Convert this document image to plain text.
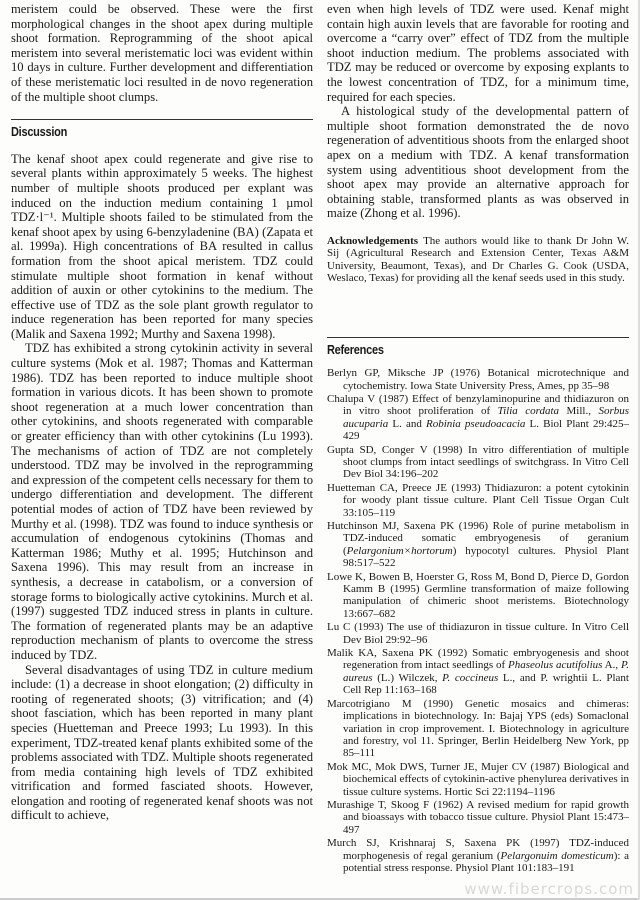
meristem could be observed. These were the first morphological changes in the shoot apex during multiple shoot formation. Reprogramming of the shoot apical meristem into several meristematic loci was evident within 10 days in culture. Further development and differentiation of these meristematic loci resulted in de novo regeneration of the multiple shoot clumps.

Discussion

The kenaf shoot apex could regenerate and give rise to several plants within approximately 5 weeks. The highest number of multiple shoots produced per explant was induced on the induction medium containing 1 µmol TDZ·l⁻¹. Multiple shoots failed to be stimulated from the kenaf shoot apex by using 6-benzyladenine (BA) (Zapata et al. 1999a). High concentrations of BA resulted in callus formation from the shoot apical meristem. TDZ could stimulate multiple shoot formation in kenaf without addition of auxin or other cytokinins to the medium. The effective use of TDZ as the sole plant growth regulator to induce regeneration has been reported for many species (Malik and Saxena 1992; Murthy and Saxena 1998).

TDZ has exhibited a strong cytokinin activity in several culture systems (Mok et al. 1987; Thomas and Katterman 1986). TDZ has been reported to induce multiple shoot formation in various dicots. It has been shown to promote shoot regeneration at a much lower concentration than other cytokinins, and shoots regenerated with comparable or greater efficiency than with other cytokinins (Lu 1993). The mechanisms of action of TDZ are not completely understood. TDZ may be involved in the reprogramming and expression of the competent cells necessary for them to undergo differentiation and development. The different potential modes of action of TDZ have been reviewed by Murthy et al. (1998). TDZ was found to induce synthesis or accumulation of endogenous cytokinins (Thomas and Katterman 1986; Muthy et al. 1995; Hutchinson and Saxena 1996). This may result from an increase in synthesis, a decrease in catabolism, or a conversion of storage forms to biologically active cytokinins. Murch et al. (1997) suggested TDZ induced stress in plants in culture. The formation of regenerated plants may be an adaptive reproduction mechanism of plants to overcome the stress induced by TDZ.

Several disadvantages of using TDZ in culture medium include: (1) a decrease in shoot elongation; (2) difficulty in rooting of regenerated shoots; (3) vitrification; and (4) shoot fasciation, which has been reported in many plant species (Huetteman and Preece 1993; Lu 1993). In this experiment, TDZ-treated kenaf plants exhibited some of the problems associated with TDZ. Multiple shoots regenerated from media containing high levels of TDZ exhibited vitrification and formed fasciated shoots. However, elongation and rooting of regenerated kenaf shoots was not difficult to achieve,

even when high levels of TDZ were used. Kenaf might contain high auxin levels that are favorable for rooting and overcome a “carry over” effect of TDZ from the multiple shoot induction medium. The problems associated with TDZ may be reduced or overcome by exposing explants to the lowest concentration of TDZ, for a minimum time, required for each species.

A histological study of the developmental pattern of multiple shoot formation demonstrated the de novo regeneration of adventitious shoots from the enlarged shoot apex on a medium with TDZ. A kenaf transformation system using adventitious shoot development from the shoot apex may provide an alternative approach for obtaining stable, transformed plants as was observed in maize (Zhong et al. 1996).

Acknowledgements The authors would like to thank Dr John W. Sij (Agricultural Research and Extension Center, Texas A&M University, Beaumont, Texas), and Dr Charles G. Cook (USDA, Weslaco, Texas) for providing all the kenaf seeds used in this study.

References

Berlyn GP, Miksche JP (1976) Botanical microtechnique and cytochemistry. Iowa State University Press, Ames, pp 35–98

Chalupa V (1987) Effect of benzylaminopurine and thidiazuron on in vitro shoot proliferation of Tilia cordata Mill., Sorbus aucuparia L. and Robinia pseudoacacia L. Biol Plant 29:425–429

Gupta SD, Conger V (1998) In vitro differentiation of multiple shoot clumps from intact seedlings of switchgrass. In Vitro Cell Dev Biol 34:196–202

Huetteman CA, Preece JE (1993) Thidiazuron: a potent cytokinin for woody plant tissue culture. Plant Cell Tissue Organ Cult 33:105–119

Hutchinson MJ, Saxena PK (1996) Role of purine metabolism in TDZ-induced somatic embryogenesis of geranium (Pelargonium×hortorum) hypocotyl cultures. Physiol Plant 98:517–522

Lowe K, Bowen B, Hoerster G, Ross M, Bond D, Pierce D, Gordon Kamm B (1995) Germline transformation of maize following manipulation of chimeric shoot meristems. Biotechnology 13:667–682

Lu C (1993) The use of thidiazuron in tissue culture. In Vitro Cell Dev Biol 29:92–96

Malik KA, Saxena PK (1992) Somatic embryogenesis and shoot regeneration from intact seedlings of Phaseolus acutifolius A., P. aureus (L.) Wilczek, P. coccineus L., and P. wrightii L. Plant Cell Rep 11:163–168

Marcotrigiano M (1990) Genetic mosaics and chimeras: implications in biotechnology. In: Bajaj YPS (eds) Somaclonal variation in crop improvement. I. Biotechnology in agriculture and forestry, vol 11. Springer, Berlin Heidelberg New York, pp 85–111

Mok MC, Mok DWS, Turner JE, Mujer CV (1987) Biological and biochemical effects of cytokinin-active phenylurea derivatives in tissue culture systems. Hortic Sci 22:1194–1196

Murashige T, Skoog F (1962) A revised medium for rapid growth and bioassays with tobacco tissue culture. Physiol Plant 15:473–497

Murch SJ, Krishnaraj S, Saxena PK (1997) TDZ-induced morphogenesis of regal geranium (Pelargonuim domesticum): a potential stress response. Physiol Plant 101:183–191

www.fibercrops.com
